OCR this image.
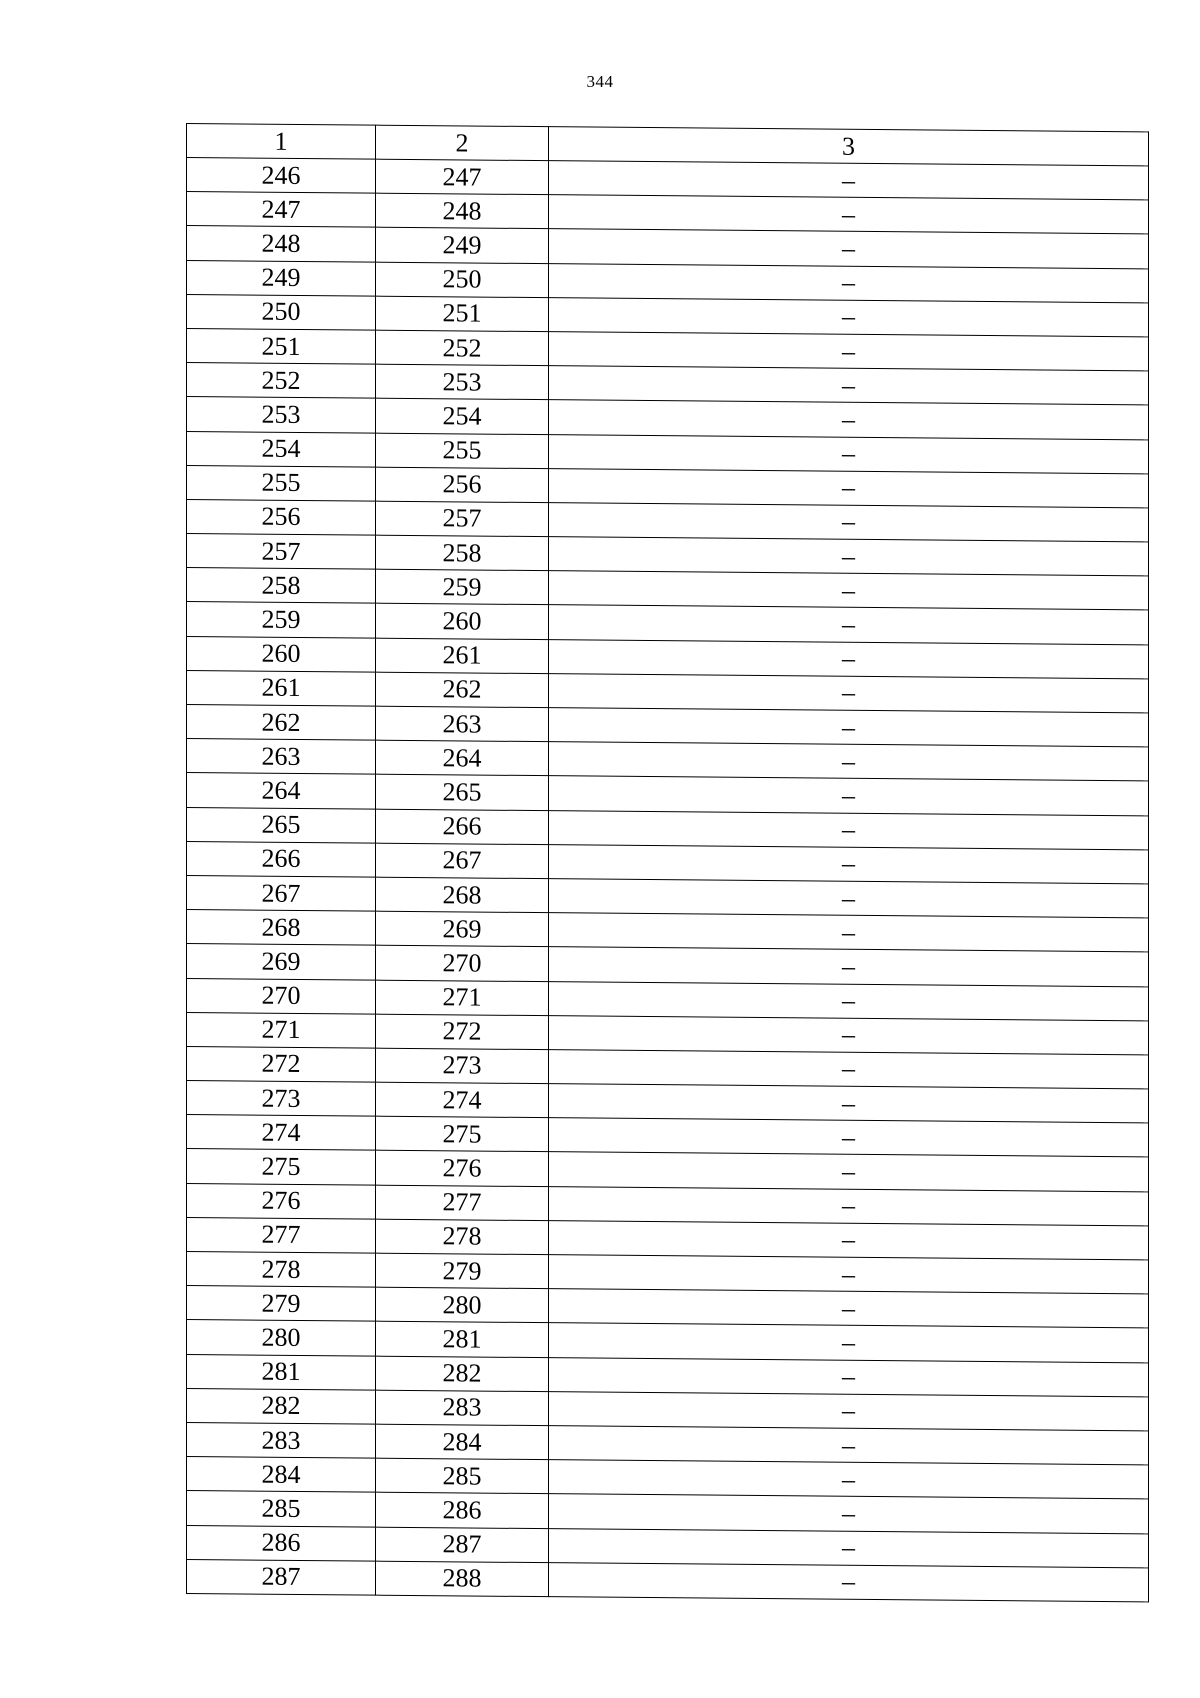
344
1	2	3
246	247	–
247	248	–
248	249	–
249	250	–
250	251	–
251	252	–
252	253	–
253	254	–
254	255	–
255	256	–
256	257	–
257	258	–
258	259	–
259	260	–
260	261	–
261	262	–
262	263	–
263	264	–
264	265	–
265	266	–
266	267	–
267	268	–
268	269	–
269	270	–
270	271	–
271	272	–
272	273	–
273	274	–
274	275	–
275	276	–
276	277	–
277	278	–
278	279	–
279	280	–
280	281	–
281	282	–
282	283	–
283	284	–
284	285	–
285	286	–
286	287	–
287	288	–
